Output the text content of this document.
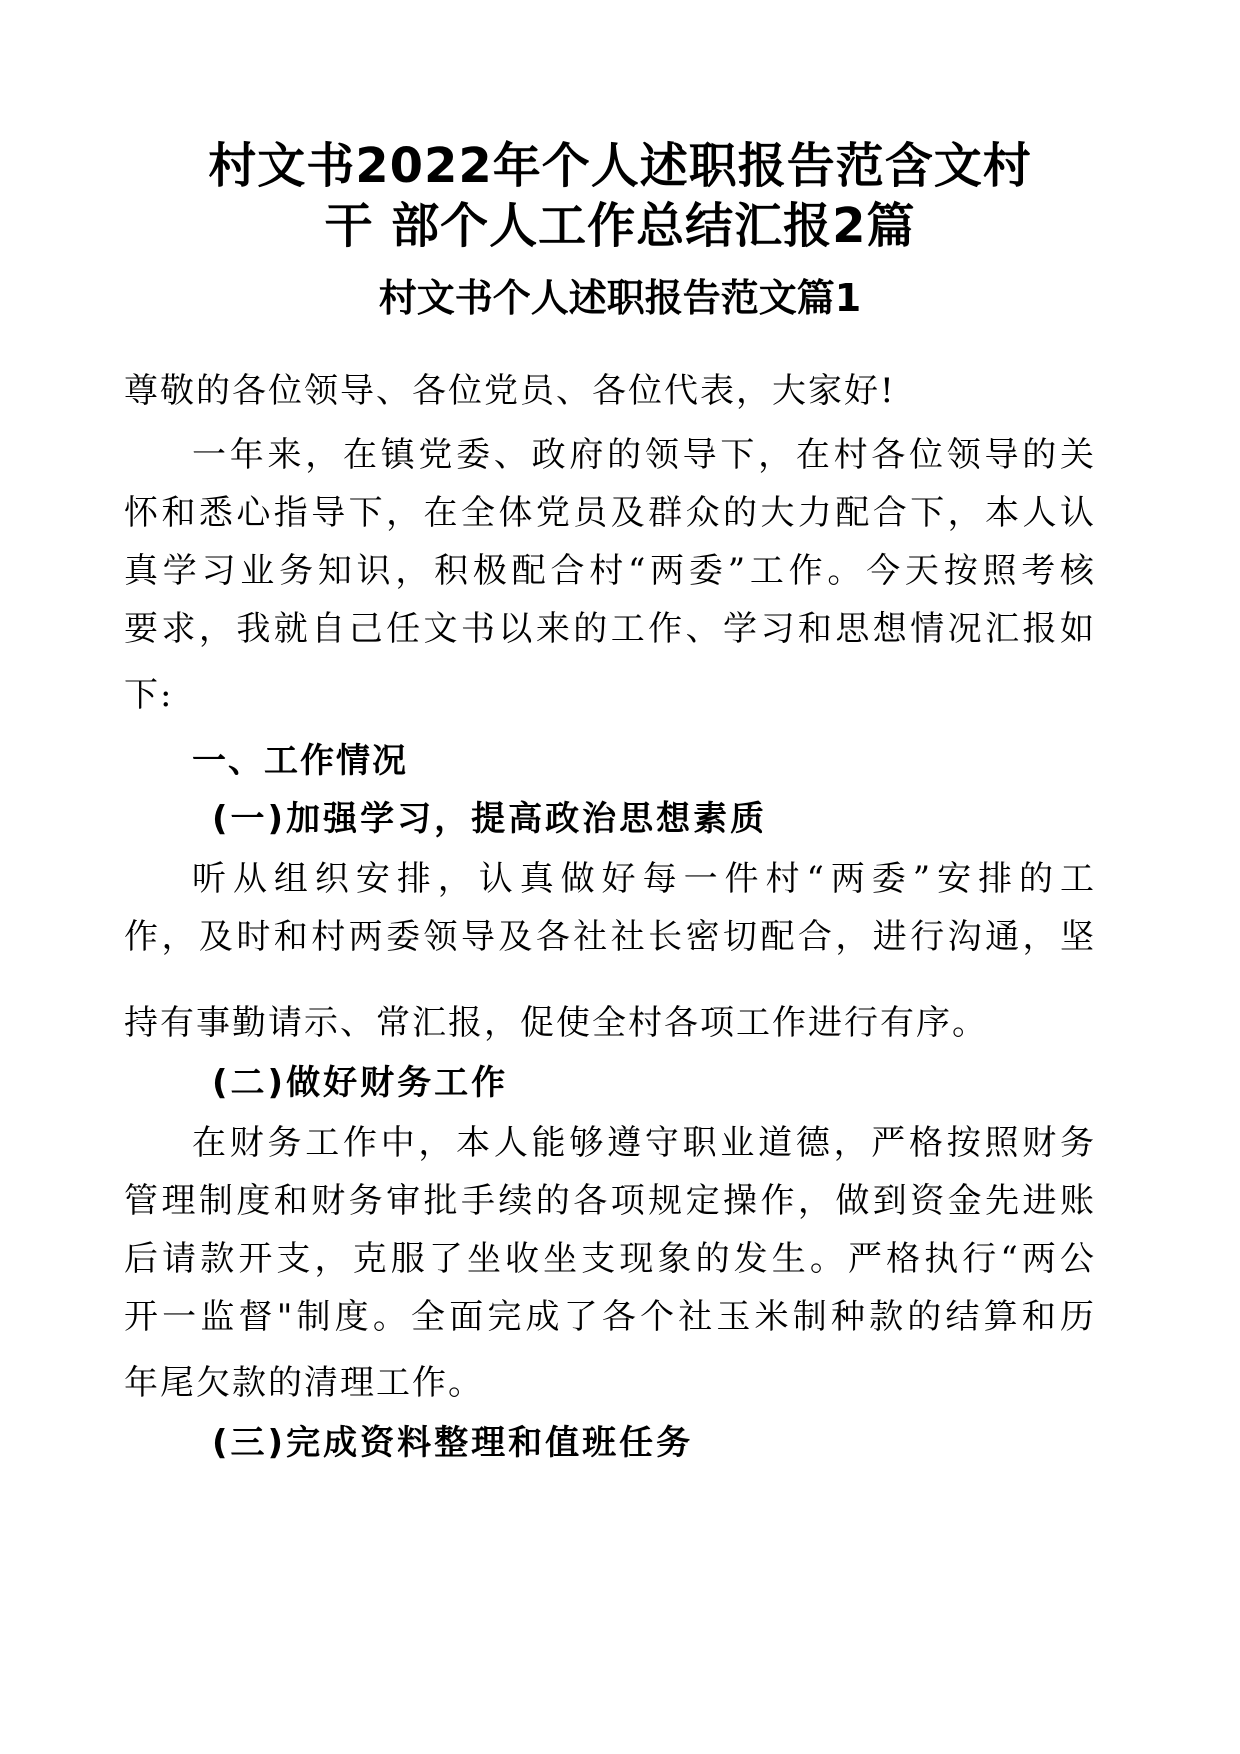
村文书2022年个人述职报告范含文村
干 部个人工作总结汇报2篇
村文书个人述职报告范文篇1
尊敬的各位领导、各位党员、各位代表，大家好!
一年来，在镇党委、政府的领导下，在村各位领导的关
怀和悉心指导下，在全体党员及群众的大力配合下，本人认
真学习业务知识，积极配合村“两委”工作。今天按照考核
要求，我就自己任文书以来的工作、学习和思想情况汇报如
下:
一、工作情况
(一)加强学习，提高政治思想素质
听从组织安排，认真做好每一件村“两委”安排的工
作，及时和村两委领导及各社社长密切配合，进行沟通，坚
持有事勤请示、常汇报，促使全村各项工作进行有序。
(二)做好财务工作
在财务工作中，本人能够遵守职业道德，严格按照财务
管理制度和财务审批手续的各项规定操作，做到资金先进账
后请款开支，克服了坐收坐支现象的发生。严格执行“两公
开一监督"制度。全面完成了各个社玉米制种款的结算和历
年尾欠款的清理工作。
(三)完成资料整理和值班任务
